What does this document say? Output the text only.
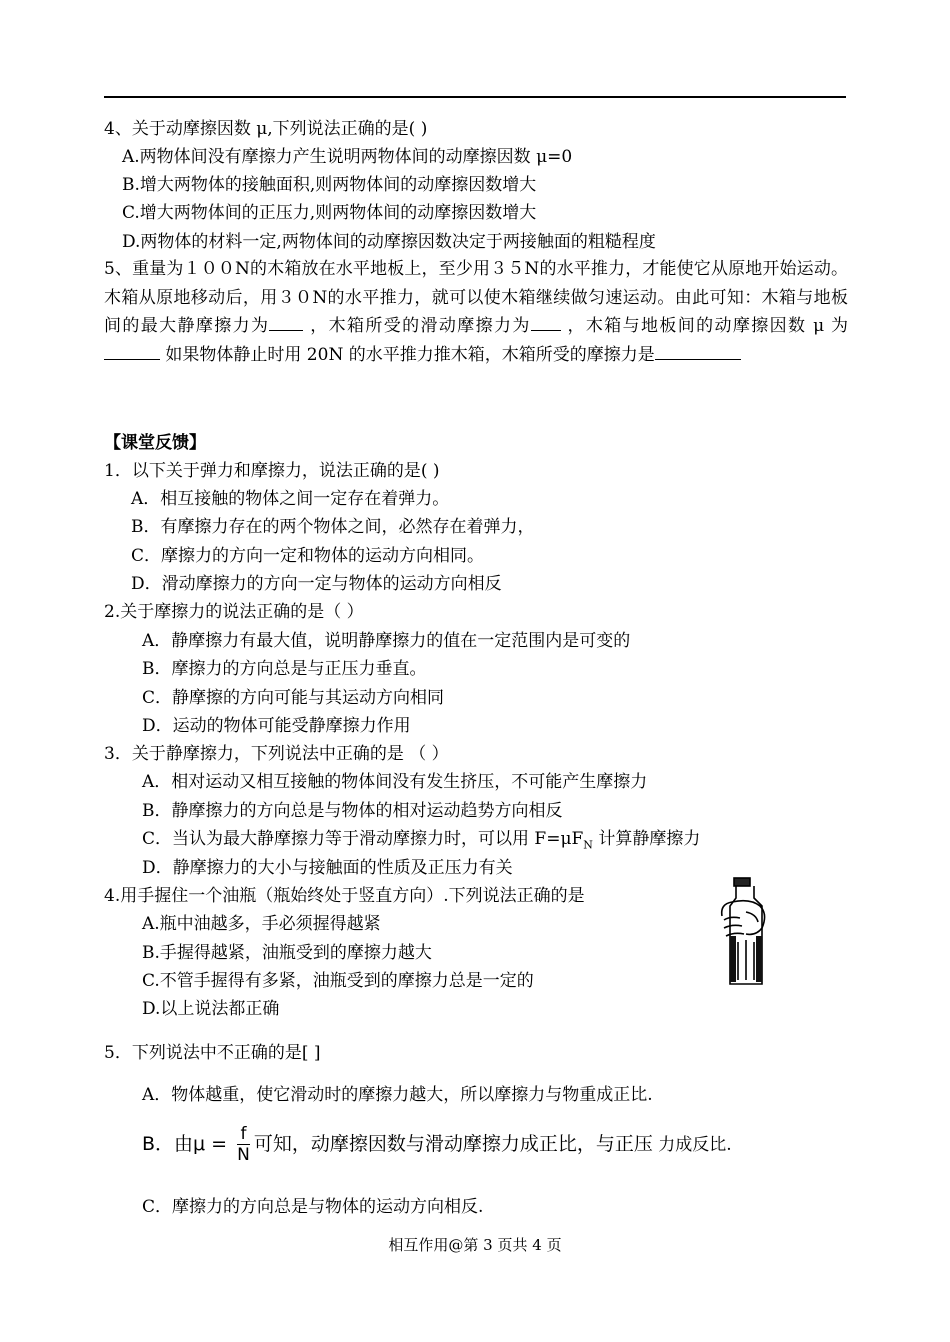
4、关于动摩擦因数 μ,下列说法正确的是( )
A.两物体间没有摩擦力产生说明两物体间的动摩擦因数 μ=0
B.增大两物体的接触面积,则两物体间的动摩擦因数增大
C.增大两物体间的正压力,则两物体间的动摩擦因数增大
D.两物体的材料一定,两物体间的动摩擦因数决定于两接触面的粗糙程度
5、重量为１００N的木箱放在水平地板上，至少用３５N的水平推力，才能使它从原地开始运动。木箱从原地移动后，用３０N的水平推力，就可以使木箱继续做匀速运动。由此可知：木箱与地板间的最大静摩擦力为 ，木箱所受的滑动摩擦力为 ，木箱与地板间的动摩擦因数 μ 为 如果物体静止时用 20N 的水平推力推木箱，木箱所受的摩擦力是
【课堂反馈】
1．以下关于弹力和摩擦力，说法正确的是( )
A．相互接触的物体之间一定存在着弹力。
B．有摩擦力存在的两个物体之间，必然存在着弹力，
C．摩擦力的方向一定和物体的运动方向相同。
D．滑动摩擦力的方向一定与物体的运动方向相反
2.关于摩擦力的说法正确的是（ ）
A．静摩擦力有最大值，说明静摩擦力的值在一定范围内是可变的
B．摩擦力的方向总是与正压力垂直。
C．静摩擦的方向可能与其运动方向相同
D．运动的物体可能受静摩擦力作用
3．关于静摩擦力，下列说法中正确的是 （ ）
A．相对运动又相互接触的物体间没有发生挤压，不可能产生摩擦力
B．静摩擦力的方向总是与物体的相对运动趋势方向相反
C．当认为最大静摩擦力等于滑动摩擦力时，可以用 $F=\mu F_N$ 计算静摩擦力
D．静摩擦力的大小与接触面的性质及正压力有关
4.用手握住一个油瓶（瓶始终处于竖直方向）.下列说法正确的是
A.瓶中油越多，手必须握得越紧
B.手握得越紧，油瓶受到的摩擦力越大
C.不管手握得有多紧，油瓶受到的摩擦力总是一定的
D.以上说法都正确
5．下列说法中不正确的是[ ]
A．物体越重，使它滑动时的摩擦力越大，所以摩擦力与物重成正比.
B．由$\mu = \frac{f}{N}$ 可知，动摩擦因数与滑动摩擦力成正比，与正压 力成反比.
C．摩擦力的方向总是与物体的运动方向相反.
相互作用@第 3 页共 4 页
